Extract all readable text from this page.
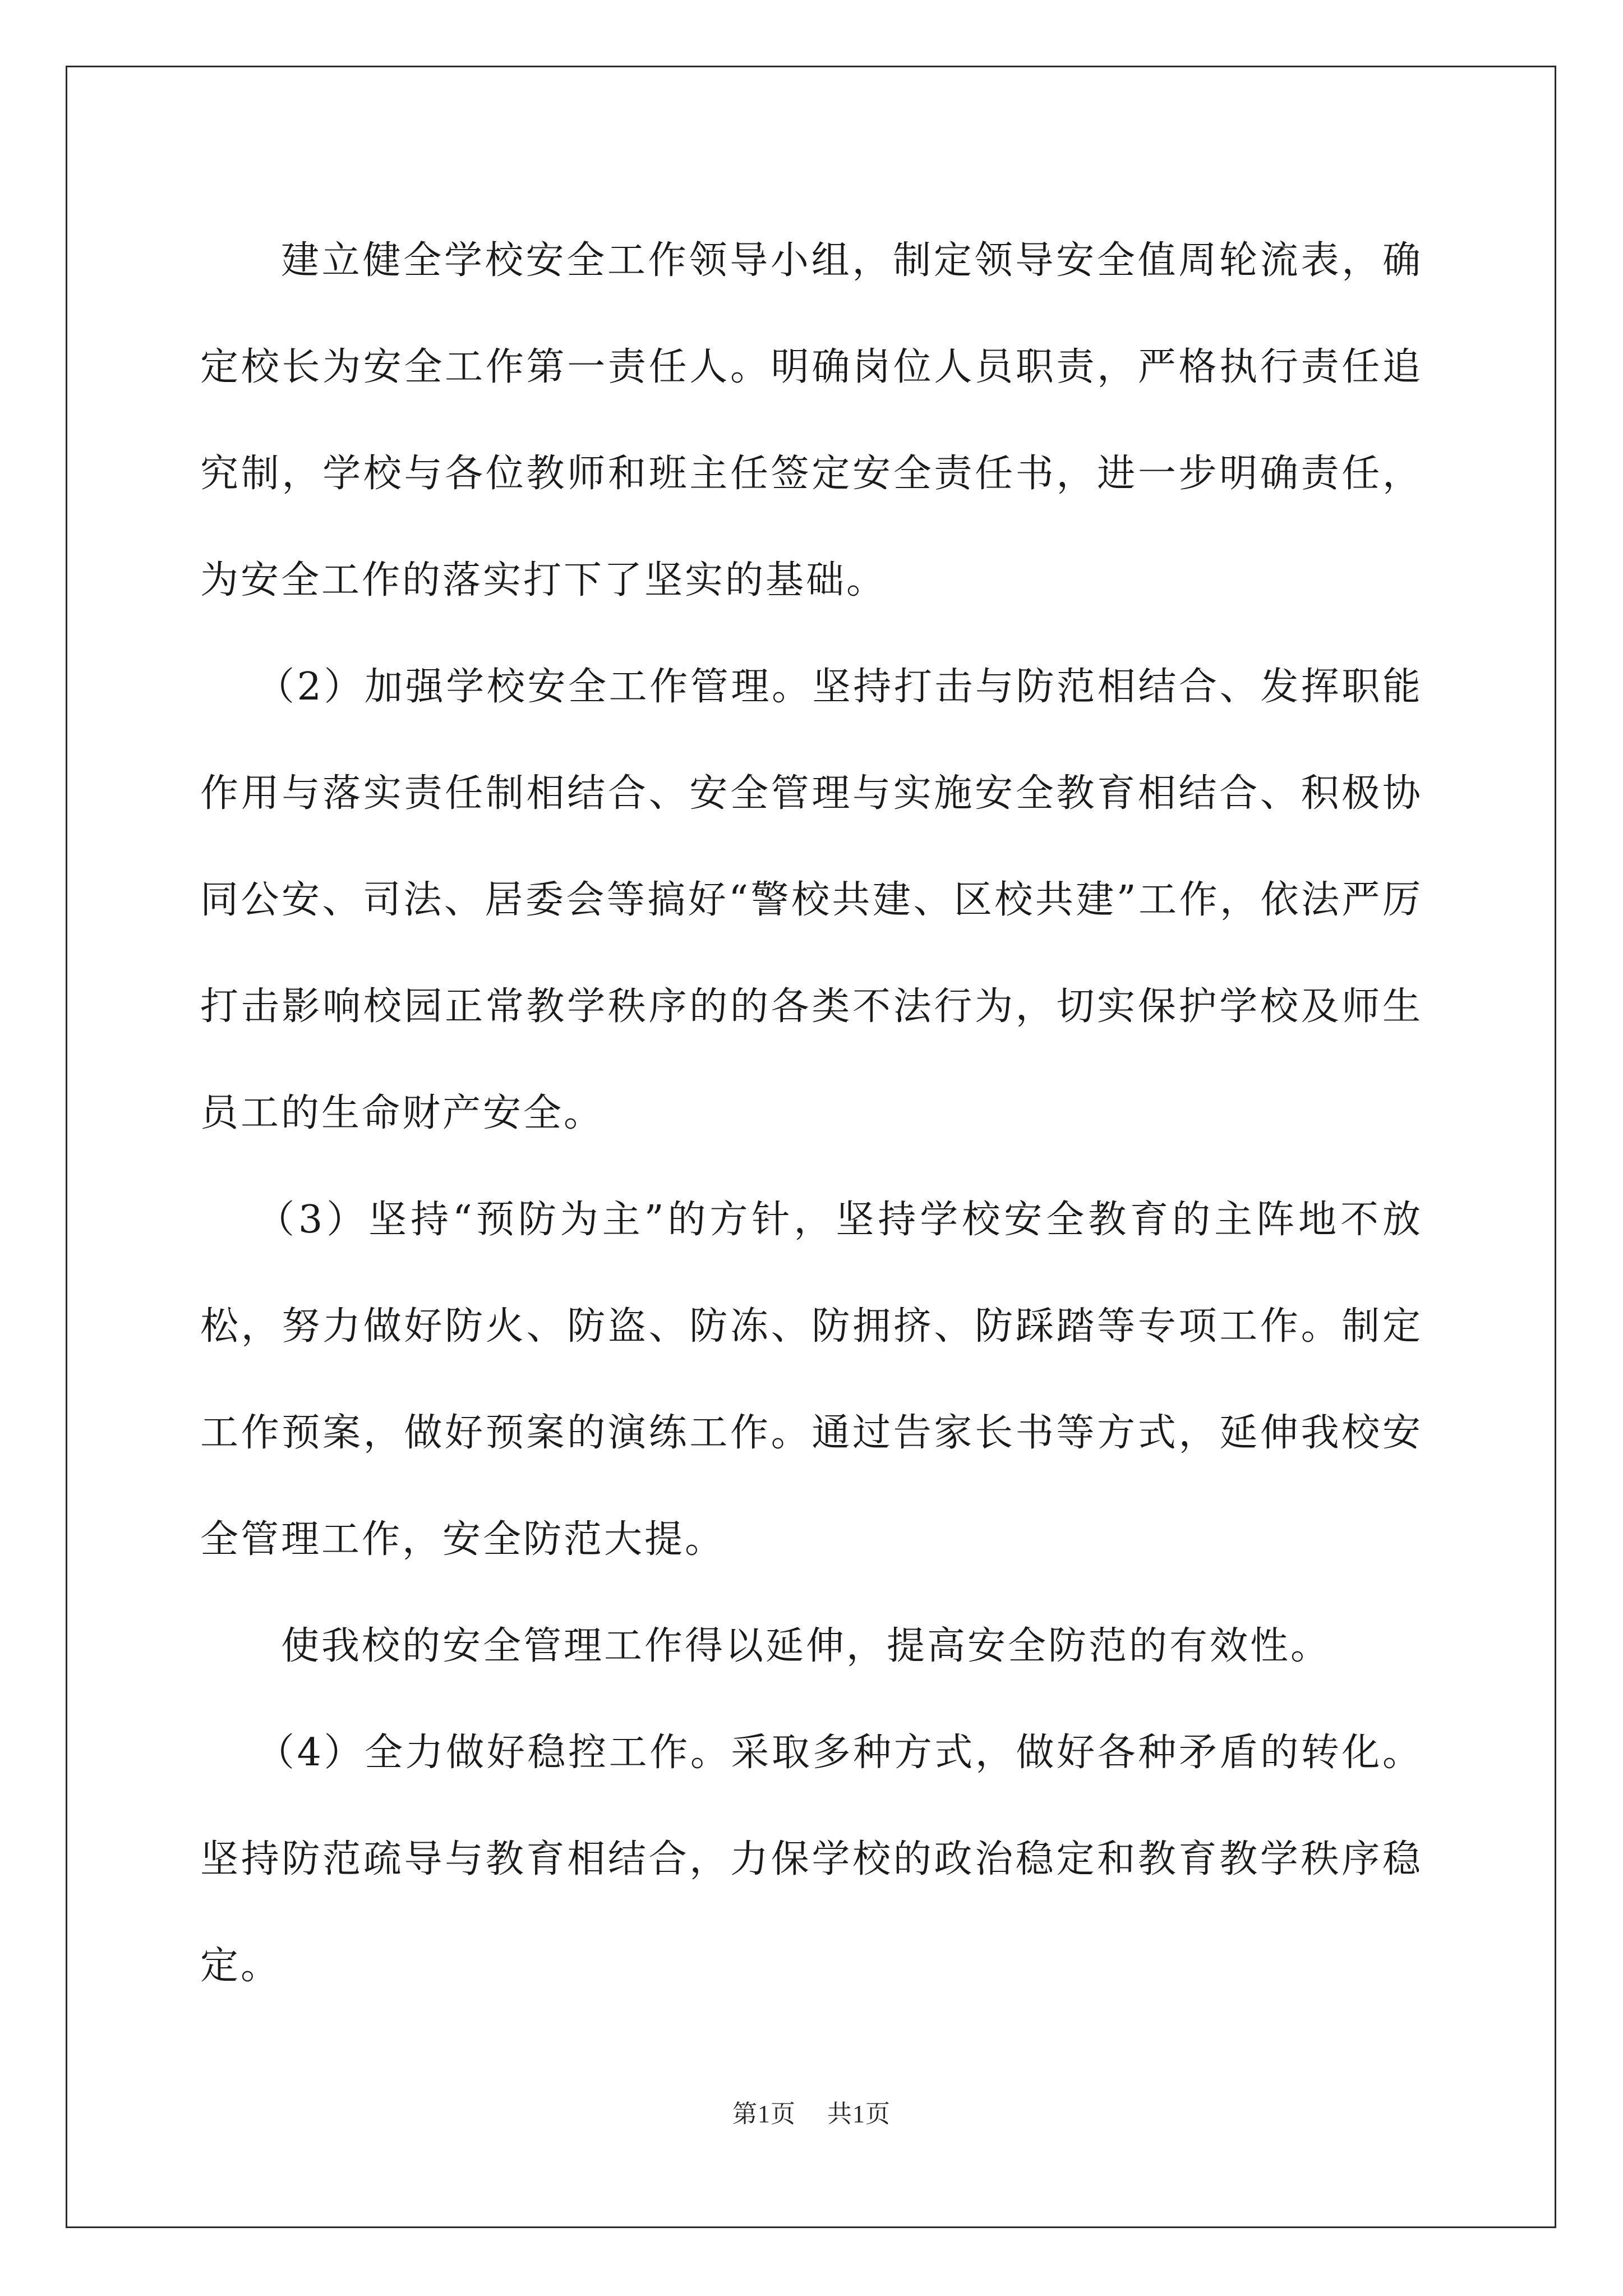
建立健全学校安全工作领导小组，制定领导安全值周轮流表，确定校长为安全工作第一责任人。明确岗位人员职责，严格执行责任追究制，学校与各位教师和班主任签定安全责任书，进一步明确责任，为安全工作的落实打下了坚实的基础。

（2）加强学校安全工作管理。坚持打击与防范相结合、发挥职能作用与落实责任制相结合、安全管理与实施安全教育相结合、积极协同公安、司法、居委会等搞好“警校共建、区校共建”工作，依法严厉打击影响校园正常教学秩序的的各类不法行为，切实保护学校及师生员工的生命财产安全。

（3）坚持“预防为主”的方针，坚持学校安全教育的主阵地不放松，努力做好防火、防盗、防冻、防拥挤、防踩踏等专项工作。制定工作预案，做好预案的演练工作。通过告家长书等方式，延伸我校安全管理工作，安全防范大提。

使我校的安全管理工作得以延伸，提高安全防范的有效性。

（4）全力做好稳控工作。采取多种方式，做好各种矛盾的转化。坚持防范疏导与教育相结合，力保学校的政治稳定和教育教学秩序稳定。

第1页 共1页
